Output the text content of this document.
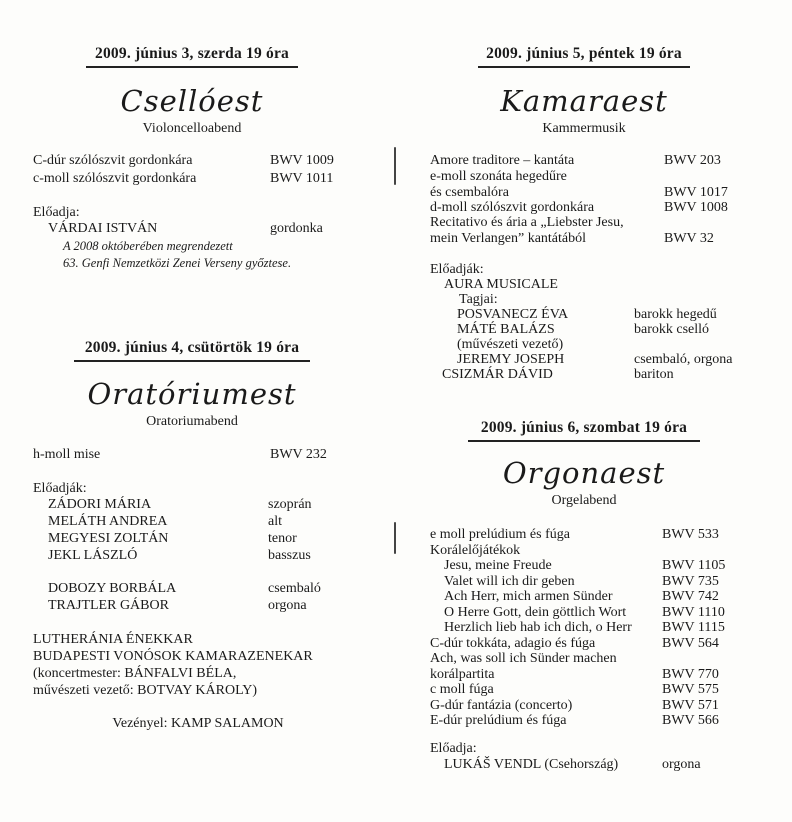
2009. június 3, szerda 19 óra
Csellóest
Violoncelloabend
C-dúr szólószvit gordonkára	BWV 1009
c-moll szólószvit gordonkára	BWV 1011
Előadja:
VÁRDAI ISTVÁN	gordonka
A 2008 októberében megrendezett
63. Genfi Nemzetközi Zenei Verseny győztese.
2009. június 4, csütörtök 19 óra
Oratóriumest
Oratoriumabend
h-moll mise	BWV 232
Előadják:
ZÁDORI MÁRIA	szoprán
MELÁTH ANDREA	alt
MEGYESI ZOLTÁN	tenor
JEKL LÁSZLÓ	basszus
DOBOZY BORBÁLA	csembaló
TRAJTLER GÁBOR	orgona
LUTHERÁNIA ÉNEKKAR
BUDAPESTI VONÓSOK KAMARAZENEKAR
(koncertmester: BÁNFALVI BÉLA,
művészeti vezető: BOTVAY KÁROLY)
Vezényel: KAMP SALAMON
2009. június 5, péntek 19 óra
Kamaraest
Kammermusik
Amore traditore – kantáta	BWV 203
e-moll szonáta hegedűre
és csembalóra	BWV 1017
d-moll szólószvit gordonkára	BWV 1008
Recitativo és ária a „Liebster Jesu,
mein Verlangen” kantátából	BWV 32
Előadják:
AURA MUSICALE
Tagjai:
POSVANECZ ÉVA	barokk hegedű
MÁTÉ BALÁZS	barokk cselló
(művészeti vezető)
JEREMY JOSEPH	csembaló, orgona
CSIZMÁR DÁVID	bariton
2009. június 6, szombat 19 óra
Orgonaest
Orgelabend
e moll prelúdium és fúga	BWV 533
Korálelőjátékok
Jesu, meine Freude	BWV 1105
Valet will ich dir geben	BWV 735
Ach Herr, mich armen Sünder	BWV 742
O Herre Gott, dein göttlich Wort	BWV 1110
Herzlich lieb hab ich dich, o Herr BWV 1115
C-dúr tokkáta, adagio és fúga	BWV 564
Ach, was soll ich Sünder machen
korálpartita	BWV 770
c moll fúga	BWV 575
G-dúr fantázia (concerto)	BWV 571
E-dúr prelúdium és fúga	BWV 566
Előadja:
LUKÁŠ VENDL (Csehország)	orgona
